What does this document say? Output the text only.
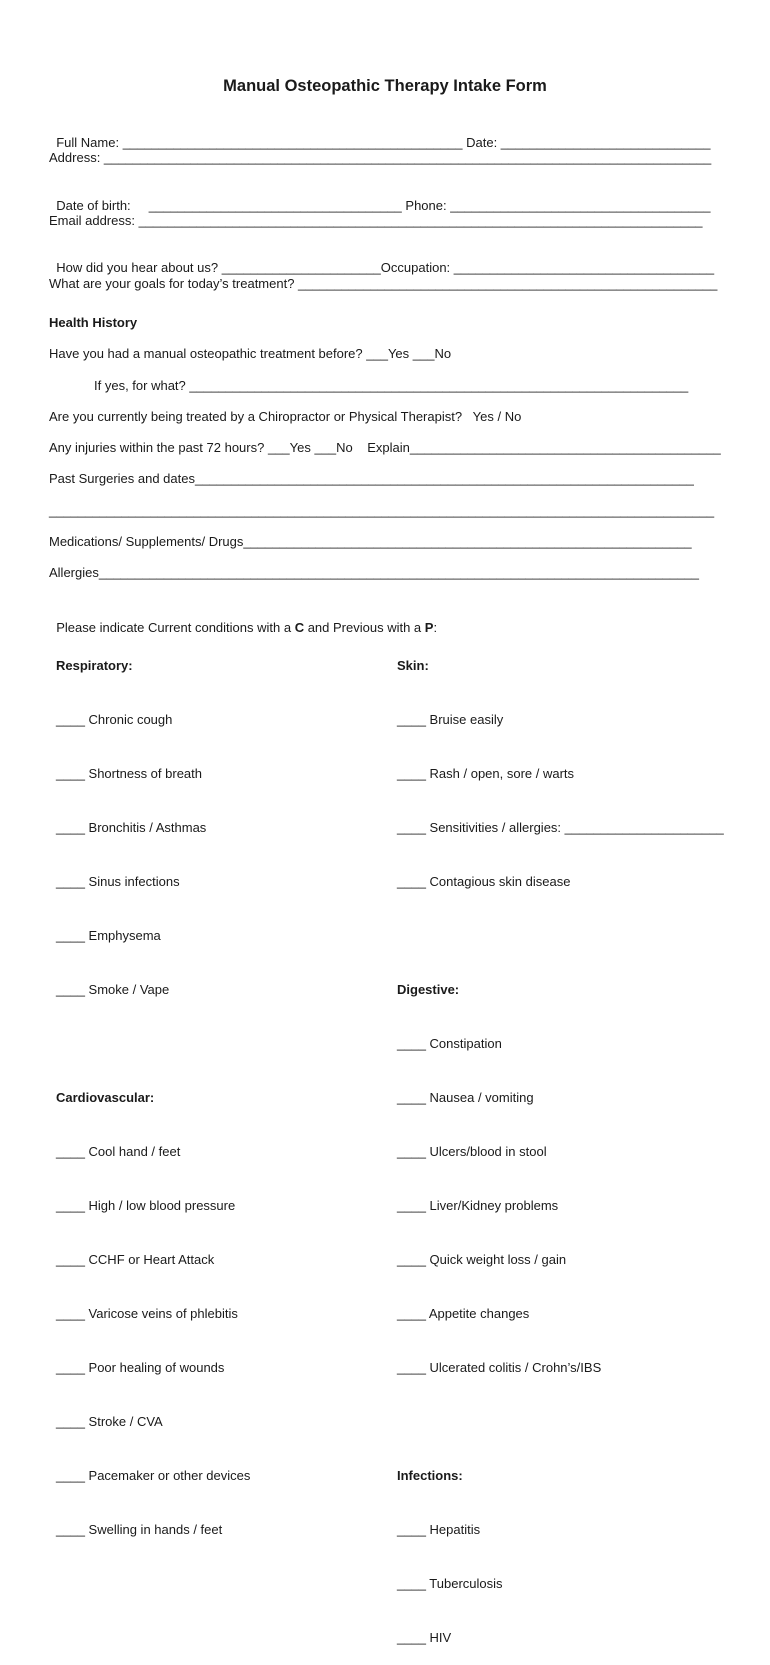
Manual Osteopathic Therapy Intake Form

Full Name: _______________________________________________ Date: _____________________________

Address: ____________________________________________________________________________________

Date of birth:     ___________________________________ Phone: ____________________________________

Email address: ______________________________________________________________________________

How did you hear about us? ______________________Occupation: ____________________________________

What are your goals for today’s treatment? __________________________________________________________
Health History
Have you had a manual osteopathic treatment before? ___Yes ___No
If yes, for what? _____________________________________________________________________
Are you currently being treated by a Chiropractor or Physical Therapist?   Yes / No
Any injuries within the past 72 hours? ___Yes ___No    Explain___________________________________________
Past Surgeries and dates_____________________________________________________________________
____________________________________________________________________________________________
Medications/ Supplements/ Drugs______________________________________________________________
Allergies___________________________________________________________________________________

Please indicate Current conditions with a C and Previous with a P:

Respiratory:

____ Chronic cough

____ Shortness of breath

____ Bronchitis / Asthmas

____ Sinus infections

____ Emphysema

____ Smoke / Vape

Cardiovascular:

____ Cool hand / feet

____ High / low blood pressure

____ CCHF or Heart Attack

____ Varicose veins of phlebitis

____ Poor healing of wounds

____ Stroke / CVA

____ Pacemaker or other devices

____ Swelling in hands / feet

Skin:

____ Bruise easily

____ Rash / open, sore / warts

____ Sensitivities / allergies: ______________________

____ Contagious skin disease

Digestive:

____ Constipation

____ Nausea / vomiting

____ Ulcers/blood in stool

____ Liver/Kidney problems

____ Quick weight loss / gain

____ Appetite changes

____ Ulcerated colitis / Crohn’s/IBS

Infections:

____ Hepatitis

____ Tuberculosis

____ HIV
